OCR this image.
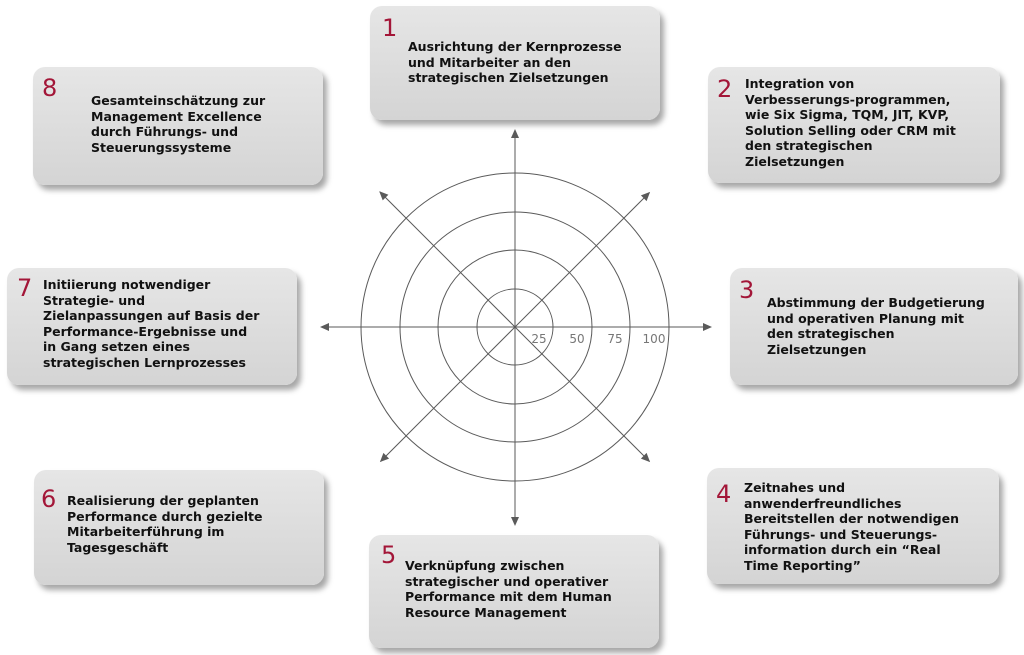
25 50 75 100
1
Ausrichtung der Kernprozesse
und Mitarbeiter an den
strategischen Zielsetzungen	2 Integration von
Verbesserungs-programmen,
wie Six Sigma, TQM, JIT, KVP,
Solution Selling oder CRM mit
den strategischen
Zielsetzungen
3 Abstimmung der Budgetierung
und operativen Planung mit
den strategischen
Zielsetzungen
4 Zeitnahes und
anwenderfreundliches
Bereitstellen der notwendigen
Führungs- und Steuerungs-
information durch ein “Real
Time Reporting”
5 Verknüpfung zwischen
strategischer und operativer
Performance mit dem Human
Resource Management
6 Realisierung der geplanten
Performance durch gezielte
Mitarbeiterführung im
Tagesgeschäft
7 Initiierung notwendiger
Strategie- und
Zielanpassungen auf Basis der
Performance-Ergebnisse und
in Gang setzen eines
strategischen Lernprozesses
8	Gesamteinschätzung zur
Management Excellence
durch Führungs- und
Steuerungssysteme
